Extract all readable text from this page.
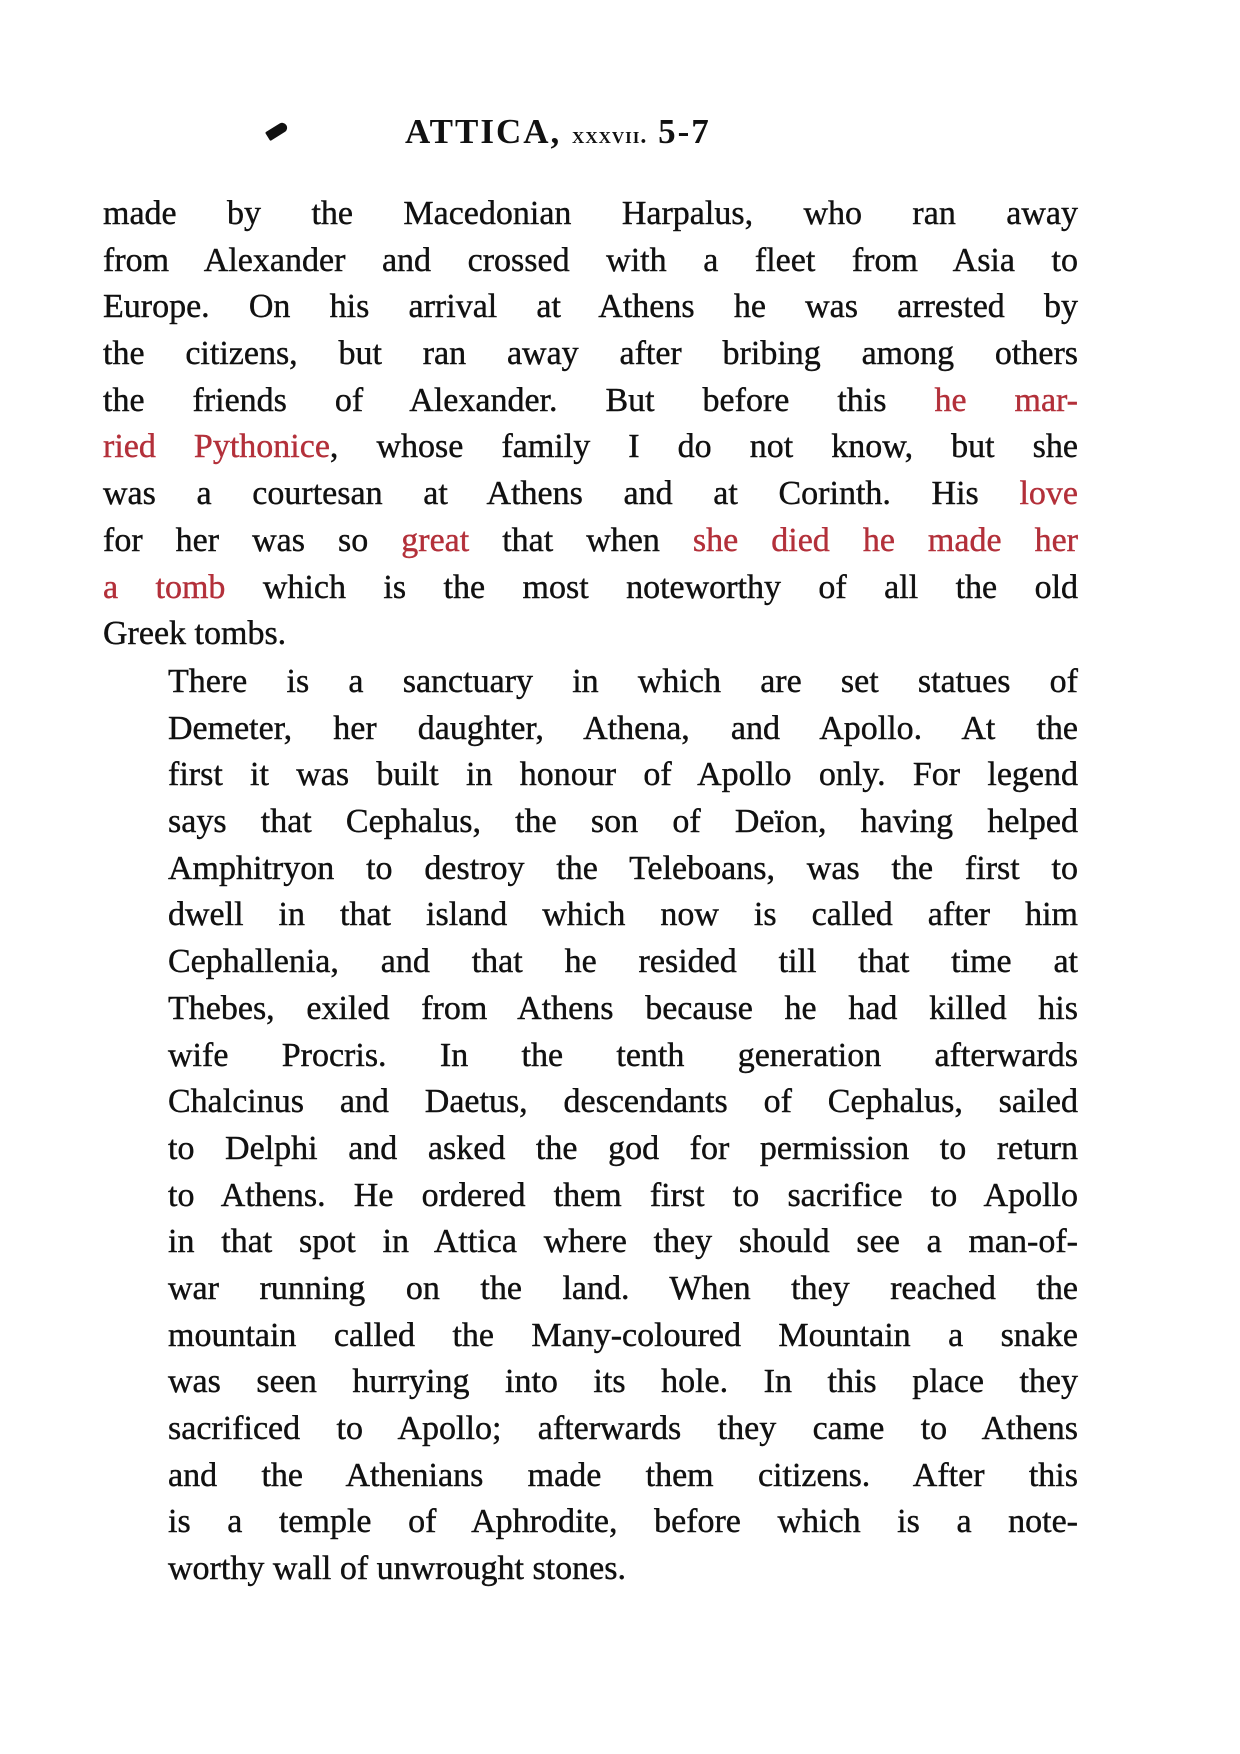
ATTICA, xxxvii. 5-7
made by the Macedonian Harpalus, who ran away
from Alexander and crossed with a fleet from Asia to
Europe. On his arrival at Athens he was arrested by
the citizens, but ran away after bribing among others
the friends of Alexander. But before this he mar-
ried Pythonice, whose family I do not know, but she
was a courtesan at Athens and at Corinth. His love
for her was so great that when she died he made her
a tomb which is the most noteworthy of all the old
Greek tombs.
There is a sanctuary in which are set statues of
Demeter, her daughter, Athena, and Apollo. At the
first it was built in honour of Apollo only. For legend
says that Cephalus, the son of Deïon, having helped
Amphitryon to destroy the Teleboans, was the first to
dwell in that island which now is called after him
Cephallenia, and that he resided till that time at
Thebes, exiled from Athens because he had killed his
wife Procris. In the tenth generation afterwards
Chalcinus and Daetus, descendants of Cephalus, sailed
to Delphi and asked the god for permission to return
to Athens. He ordered them first to sacrifice to Apollo
in that spot in Attica where they should see a man-of-
war running on the land. When they reached the
mountain called the Many-coloured Mountain a snake
was seen hurrying into its hole. In this place they
sacrificed to Apollo; afterwards they came to Athens
and the Athenians made them citizens. After this
is a temple of Aphrodite, before which is a note-
worthy wall of unwrought stones.
